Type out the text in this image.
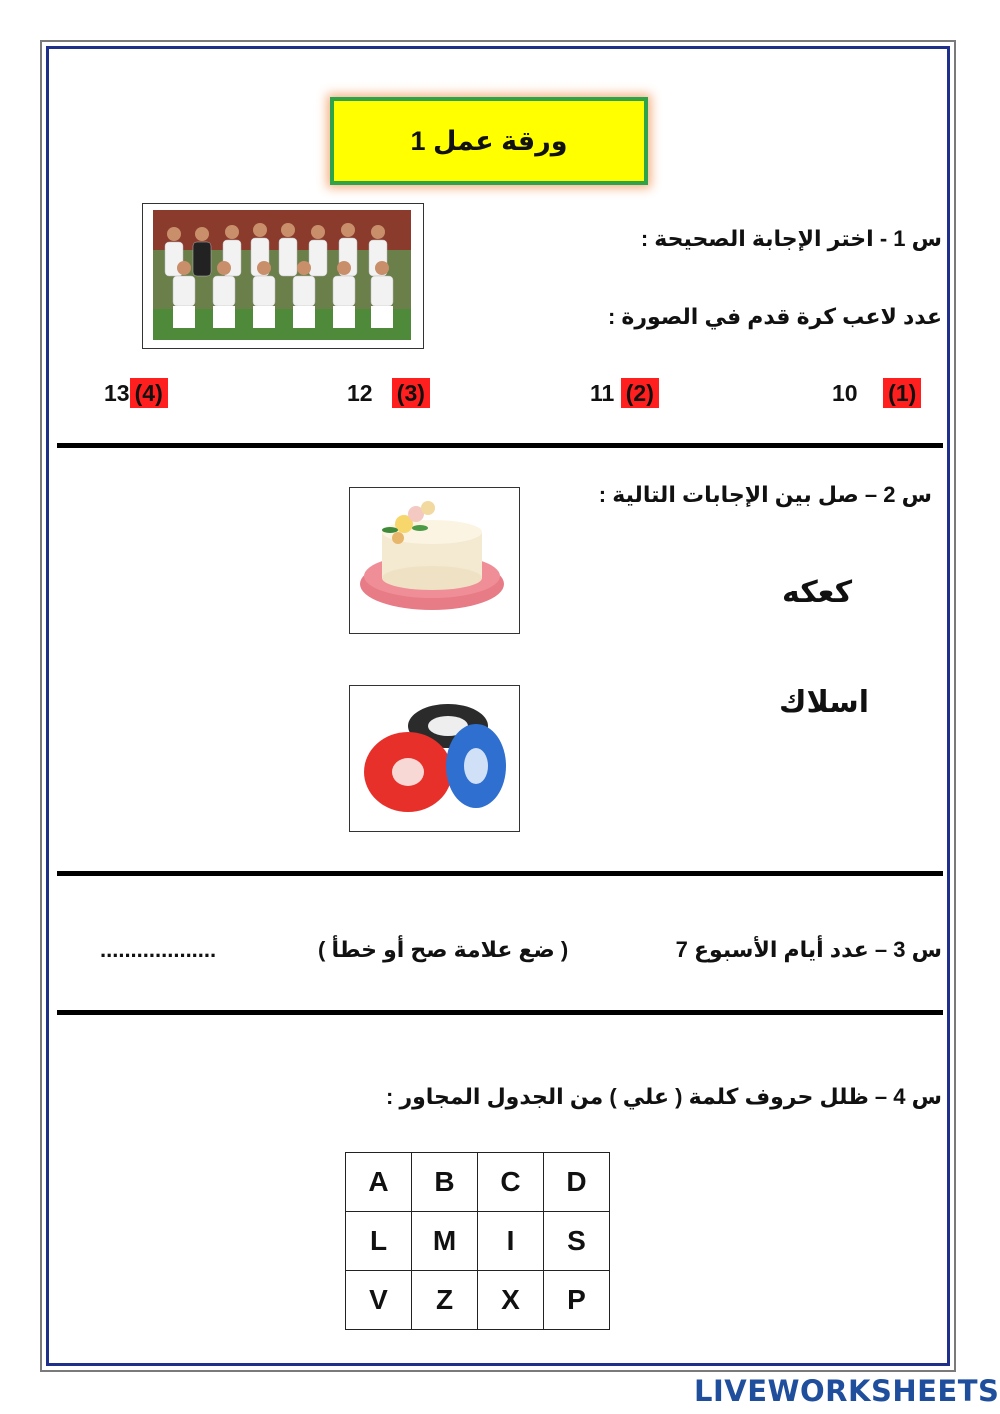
ورقة عمل 1
س 1 - اختر الإجابة الصحيحة :
عدد لاعب كرة قدم في الصورة :
(1)    10
(2) 11
(3)   12
(4)13
س 2 – صل بين الإجابات التالية :
كعكه
اسلاك
س 3 – عدد أيام الأسبوع 7
( ضع علامة صح أو خطأ )
...................
س 4 – ظلل حروف كلمة ( علي ) من الجدول المجاور :
A	B	C	D
L	M	I	S
V	Z	X	P
LIVEWORKSHEETS
